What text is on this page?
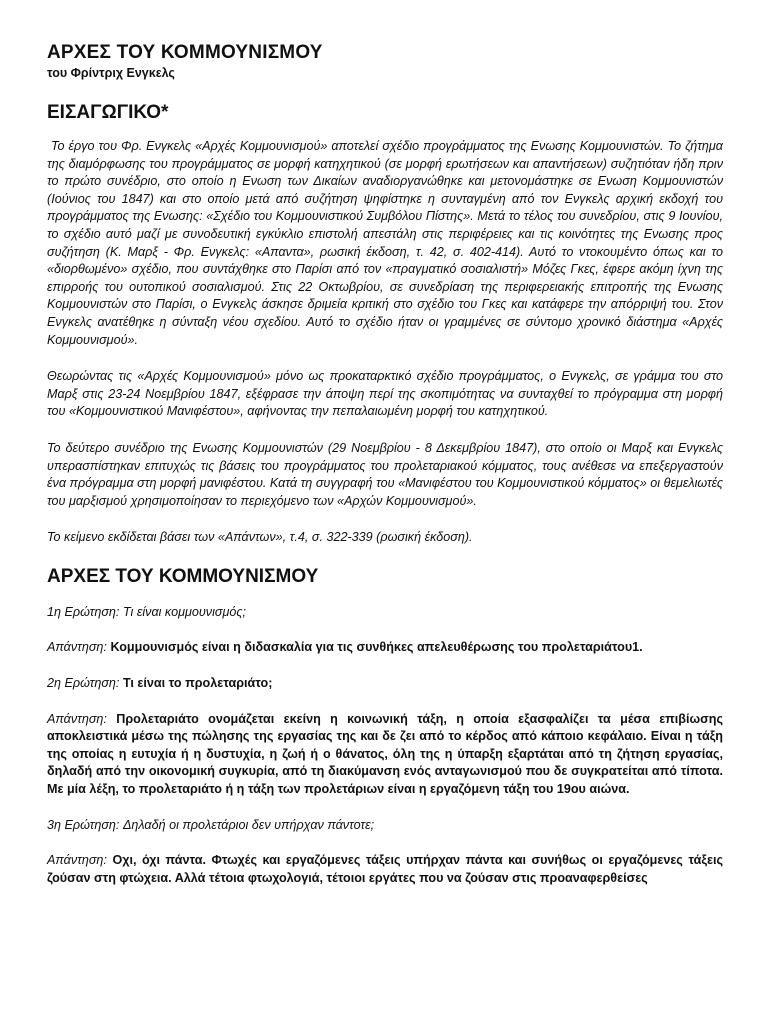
ΑΡΧΕΣ ΤΟΥ ΚΟΜΜΟΥΝΙΣΜΟΥ
του Φρίντριχ Ενγκελς
ΕΙΣΑΓΩΓΙΚΟ*

Το έργο του Φρ. Ενγκελς «Αρχές Κομμουνισμού» αποτελεί σχέδιο προγράμματος της Ενωσης Κομμουνιστών. Το ζήτημα της διαμόρφωσης του προγράμματος σε μορφή κατηχητικού (σε μορφή ερωτήσεων και απαντήσεων) συζητιόταν ήδη πριν το πρώτο συνέδριο, στο οποίο η Ενωση των Δικαίων αναδιοργανώθηκε και μετονομάστηκε σε Ενωση Κομμουνιστών (Ιούνιος του 1847) και στο οποίο μετά από συζήτηση ψηφίστηκε η συνταγμένη από τον Ενγκελς αρχική εκδοχή του προγράμματος της Ενωσης: «Σχέδιο του Κομμουνιστικού Συμβόλου Πίστης». Μετά το τέλος του συνεδρίου, στις 9 Ιουνίου, το σχέδιο αυτό μαζί με συνοδευτική εγκύκλιο επιστολή απεστάλη στις περιφέρειες και τις κοινότητες της Ενωσης προς συζήτηση (Κ. Μαρξ - Φρ. Ενγκελς: «Απαντα», ρωσική έκδοση, τ. 42, σ. 402-414). Αυτό το ντοκουμέντο όπως και το «διορθωμένο» σχέδιο, που συντάχθηκε στο Παρίσι από τον «πραγματικό σοσιαλιστή» Μόζες Γκες, έφερε ακόμη ίχνη της επιρροής του ουτοπικού σοσιαλισμού. Στις 22 Οκτωβρίου, σε συνεδρίαση της περιφερειακής επιτροπής της Ενωσης Κομμουνιστών στο Παρίσι, ο Ενγκελς άσκησε δριμεία κριτική στο σχέδιο του Γκες και κατάφερε την απόρριψή του. Στον Ενγκελς ανατέθηκε η σύνταξη νέου σχεδίου. Αυτό το σχέδιο ήταν οι γραμμένες σε σύντομο χρονικό διάστημα «Αρχές Κομμουνισμού».

Θεωρώντας τις «Αρχές Κομμουνισμού» μόνο ως προκαταρκτικό σχέδιο προγράμματος, ο Ενγκελς, σε γράμμα του στο Μαρξ στις 23-24 Νοεμβρίου 1847, εξέφρασε την άποψη περί της σκοπιμότητας να συνταχθεί το πρόγραμμα στη μορφή του «Κομμουνιστικού Μανιφέστου», αφήνοντας την πεπαλαιωμένη μορφή του κατηχητικού.

Το δεύτερο συνέδριο της Ενωσης Κομμουνιστών (29 Νοεμβρίου - 8 Δεκεμβρίου 1847), στο οποίο οι Μαρξ και Ενγκελς υπερασπίστηκαν επιτυχώς τις βάσεις του προγράμματος του προλεταριακού κόμματος, τους ανέθεσε να επεξεργαστούν ένα πρόγραμμα στη μορφή μανιφέστου. Κατά τη συγγραφή του «Μανιφέστου του Κομμουνιστικού κόμματος» οι θεμελιωτές του μαρξισμού χρησιμοποίησαν το περιεχόμενο των «Αρχών Κομμουνισμού».

Το κείμενο εκδίδεται βάσει των «Απάντων», τ.4, σ. 322-339 (ρωσική έκδοση).

ΑΡΧΕΣ ΤΟΥ ΚΟΜΜΟΥΝΙΣΜΟΥ

1η Ερώτηση: Τι είναι κομμουνισμός;

Απάντηση: Κομμουνισμός είναι η διδασκαλία για τις συνθήκες απελευθέρωσης του προλεταριάτου1.

2η Ερώτηση: Τι είναι το προλεταριάτο;

Απάντηση: Προλεταριάτο ονομάζεται εκείνη η κοινωνική τάξη, η οποία εξασφαλίζει τα μέσα επιβίωσης αποκλειστικά μέσω της πώλησης της εργασίας της και δε ζει από το κέρδος από κάποιο κεφάλαιο. Είναι η τάξη της οποίας η ευτυχία ή η δυστυχία, η ζωή ή ο θάνατος, όλη της η ύπαρξη εξαρτάται από τη ζήτηση εργασίας, δηλαδή από την οικονομική συγκυρία, από τη διακύμανση ενός ανταγωνισμού που δε συγκρατείται από τίποτα. Με μία λέξη, το προλεταριάτο ή η τάξη των προλετάριων είναι η εργαζόμενη τάξη του 19ου αιώνα.

3η Ερώτηση: Δηλαδή οι προλετάριοι δεν υπήρχαν πάντοτε;

Απάντηση: Οχι, όχι πάντα. Φτωχές και εργαζόμενες τάξεις υπήρχαν πάντα και συνήθως οι εργαζόμενες τάξεις ζούσαν στη φτώχεια. Αλλά τέτοια φτωχολογιά, τέτοιοι εργάτες που να ζούσαν στις προαναφερθείσες
